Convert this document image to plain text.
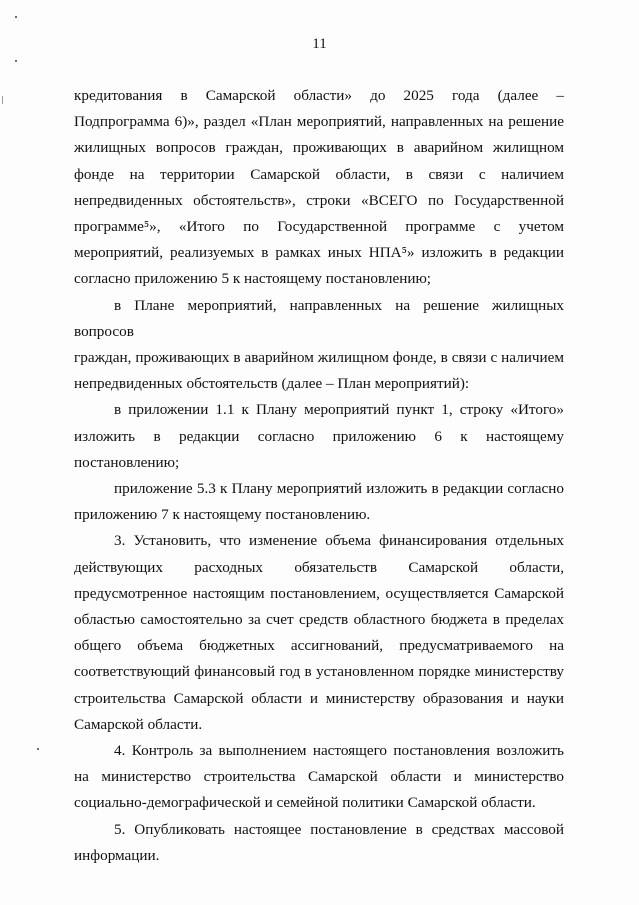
11

кредитования в Самарской области» до 2025 года (далее –
Подпрограмма 6)», раздел «План мероприятий, направленных на решение
жилищных вопросов граждан, проживающих в аварийном жилищном
фонде на территории Самарской области, в связи с наличием
непредвиденных обстоятельств», строки «ВСЕГО по Государственной
программе⁵», «Итого по Государственной программе с учетом
мероприятий, реализуемых в рамках иных НПА⁵» изложить в редакции
согласно приложению 5 к настоящему постановлению;

в Плане мероприятий, направленных на решение жилищных вопросов
граждан, проживающих в аварийном жилищном фонде, в связи с наличием
непредвиденных обстоятельств (далее – План мероприятий):

в приложении 1.1 к Плану мероприятий пункт 1, строку «Итого»
изложить в редакции согласно приложению 6 к настоящему
постановлению;

приложение 5.3 к Плану мероприятий изложить в редакции согласно
приложению 7 к настоящему постановлению.

3. Установить, что изменение объема финансирования отдельных
действующих расходных обязательств Самарской области,
предусмотренное настоящим постановлением, осуществляется Самарской
областью самостоятельно за счет средств областного бюджета в пределах
общего объема бюджетных ассигнований, предусматриваемого на
соответствующий финансовый год в установленном порядке министерству
строительства Самарской области и министерству образования и науки
Самарской области.

4. Контроль за выполнением настоящего постановления возложить
на министерство строительства Самарской области и министерство
социально-демографической и семейной политики Самарской области.

5. Опубликовать настоящее постановление в средствах массовой
информации.
